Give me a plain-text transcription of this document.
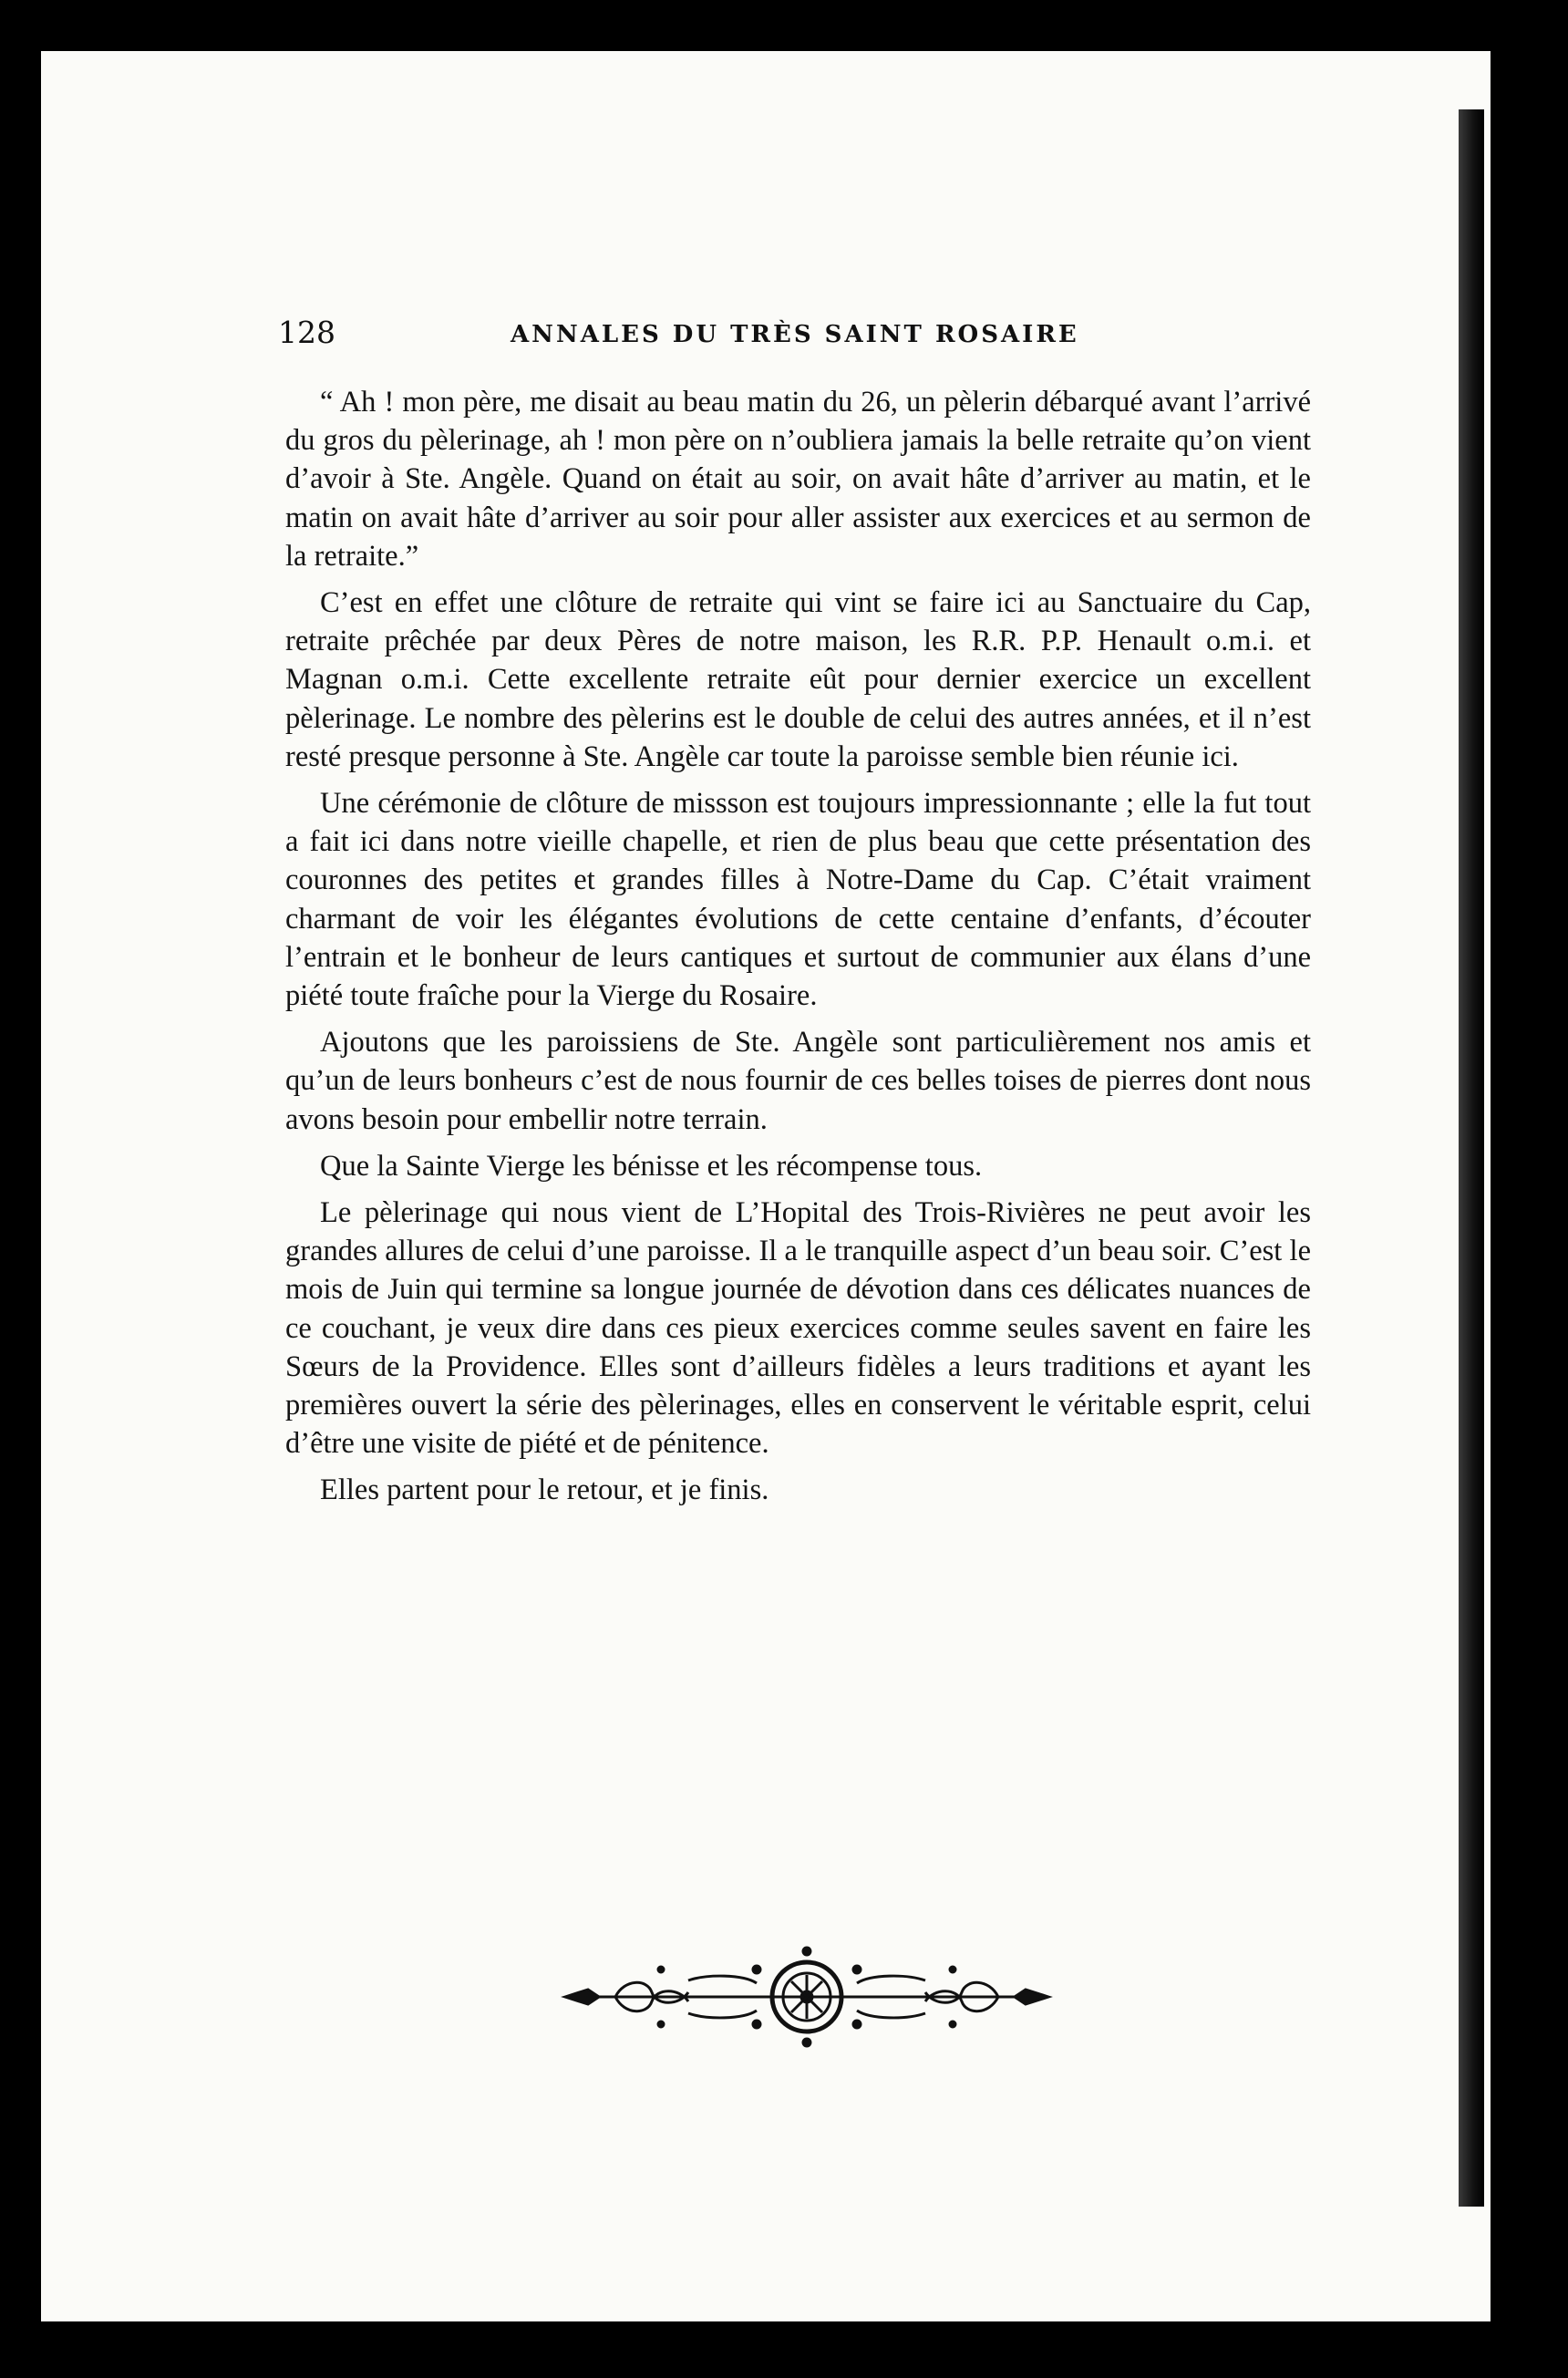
128	ANNALES DU TRÈS SAINT ROSAIRE

“ Ah ! mon père, me disait au beau matin du 26, un pèlerin débarqué avant l’arrivé du gros du pèlerinage, ah ! mon père on n’oubliera jamais la belle retraite qu’on vient d’avoir à Ste. Angèle. Quand on était au soir, on avait hâte d’arriver au matin, et le matin on avait hâte d’arriver au soir pour aller assister aux exercices et au sermon de la retraite.”

C’est en effet une clôture de retraite qui vint se faire ici au Sanctuaire du Cap, retraite prêchée par deux Pères de notre maison, les R.R. P.P. Henault o.m.i. et Magnan o.m.i. Cette excellente retraite eût pour dernier exercice un excellent pèlerinage. Le nombre des pèlerins est le double de celui des autres années, et il n’est resté presque personne à Ste. Angèle car toute la paroisse semble bien réunie ici.

Une cérémonie de clôture de missson est toujours impressionnante ; elle la fut tout a fait ici dans notre vieille chapelle, et rien de plus beau que cette présentation des couronnes des petites et grandes filles à Notre-Dame du Cap. C’était vraiment charmant de voir les élégantes évolutions de cette centaine d’enfants, d’écouter l’entrain et le bonheur de leurs cantiques et surtout de communier aux élans d’une piété toute fraîche pour la Vierge du Rosaire.

Ajoutons que les paroissiens de Ste. Angèle sont particulièrement nos amis et qu’un de leurs bonheurs c’est de nous fournir de ces belles toises de pierres dont nous avons besoin pour embellir notre terrain.

Que la Sainte Vierge les bénisse et les récompense tous.

Le pèlerinage qui nous vient de L’Hopital des Trois-Rivières ne peut avoir les grandes allures de celui d’une paroisse. Il a le tranquille aspect d’un beau soir. C’est le mois de Juin qui termine sa longue journée de dévotion dans ces délicates nuances de ce couchant, je veux dire dans ces pieux exercices comme seules savent en faire les Sœurs de la Providence. Elles sont d’ailleurs fidèles a leurs traditions et ayant les premières ouvert la série des pèlerinages, elles en conservent le véritable esprit, celui d’être une visite de piété et de pénitence.

Elles partent pour le retour, et je finis.
